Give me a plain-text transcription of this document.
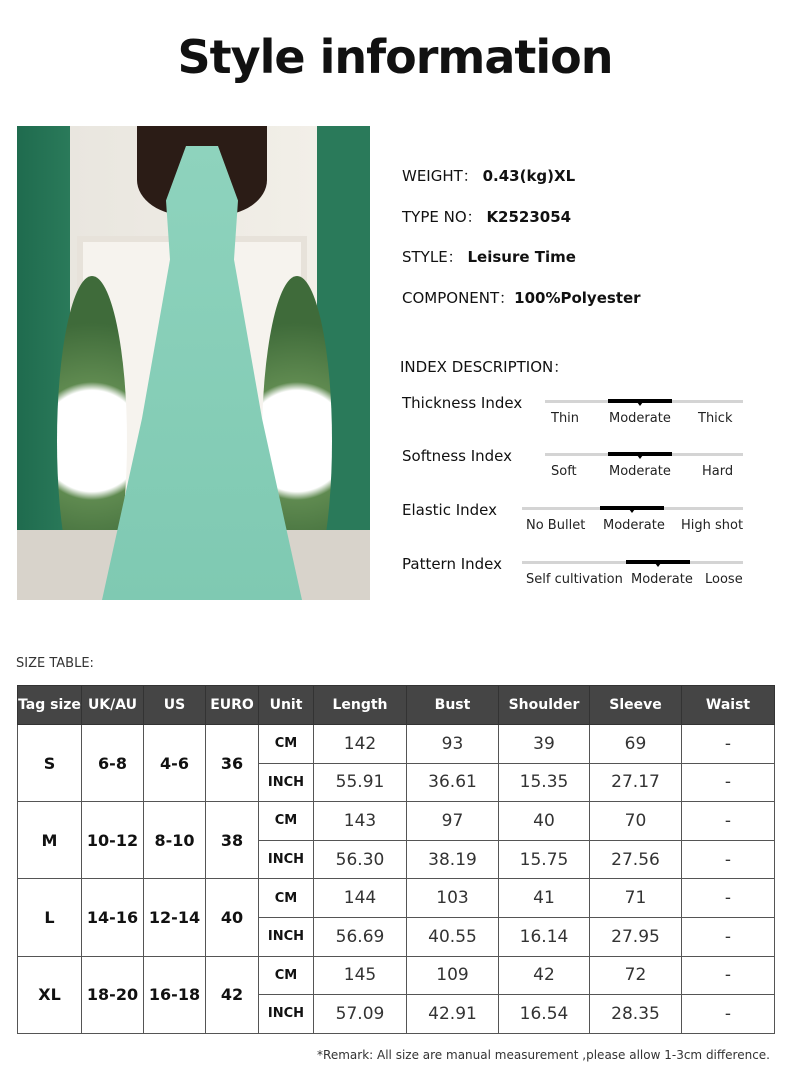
Style information
WEIGHT： 0.43(kg)XL
TYPE NO： K2523054
STYLE： Leisure Time
COMPONENT：100%Polyester
INDEX DESCRIPTION：
Thickness Index
Thin Moderate Thick
Softness Index
Soft Moderate Hard
Elastic Index
No Bullet Moderate High shot
Pattern Index
Self cultivation Moderate Loose
SIZE TABLE:
Tag size	UK/AU	US	EURO	Unit	Length	Bust	Shoulder	Sleeve	Waist
S	6-8	4-6	36	CM	142	93	39	69	-
				INCH	55.91	36.61	15.35	27.17	-
M	10-12	8-10	38	CM	143	97	40	70	-
				INCH	56.30	38.19	15.75	27.56	-
L	14-16	12-14	40	CM	144	103	41	71	-
				INCH	56.69	40.55	16.14	27.95	-
XL	18-20	16-18	42	CM	145	109	42	72	-
				INCH	57.09	42.91	16.54	28.35	-
*Remark: All size are manual measurement ,please allow 1-3cm difference.
